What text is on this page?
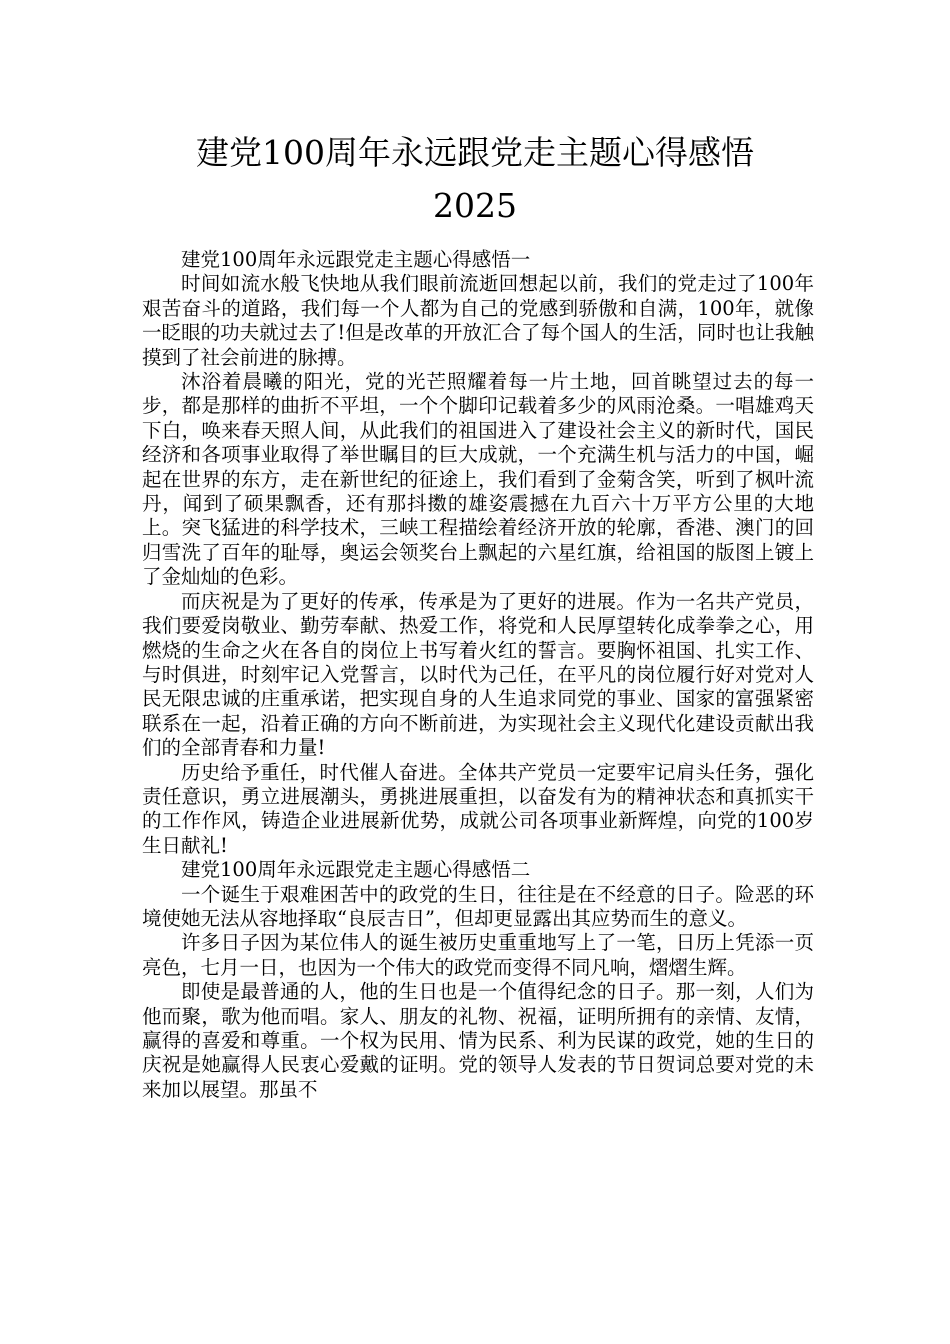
建党100周年永远跟党走主题心得感悟
2025

建党100周年永远跟党走主题心得感悟一

时间如流水般飞快地从我们眼前流逝回想起以前，我们的党走过了100年艰苦奋斗的道路，我们每一个人都为自己的党感到骄傲和自满，100年，就像一眨眼的功夫就过去了!但是改革的开放汇合了每个国人的生活，同时也让我触摸到了社会前进的脉搏。

沐浴着晨曦的阳光，党的光芒照耀着每一片土地，回首眺望过去的每一步，都是那样的曲折不平坦，一个个脚印记载着多少的风雨沧桑。一唱雄鸡天下白，唤来春天照人间，从此我们的祖国进入了建设社会主义的新时代，国民经济和各项事业取得了举世瞩目的巨大成就，一个充满生机与活力的中国，崛起在世界的东方，走在新世纪的征途上，我们看到了金菊含笑，听到了枫叶流丹，闻到了硕果飘香，还有那抖擞的雄姿震撼在九百六十万平方公里的大地上。突飞猛进的科学技术，三峡工程描绘着经济开放的轮廓，香港、澳门的回归雪洗了百年的耻辱，奥运会领奖台上飘起的六星红旗，给祖国的版图上镀上了金灿灿的色彩。

而庆祝是为了更好的传承，传承是为了更好的进展。作为一名共产党员，我们要爱岗敬业、勤劳奉献、热爱工作，将党和人民厚望转化成拳拳之心，用燃烧的生命之火在各自的岗位上书写着火红的誓言。要胸怀祖国、扎实工作、与时俱进，时刻牢记入党誓言，以时代为己任，在平凡的岗位履行好对党对人民无限忠诚的庄重承诺，把实现自身的人生追求同党的事业、国家的富强紧密联系在一起，沿着正确的方向不断前进，为实现社会主义现代化建设贡献出我们的全部青春和力量!

历史给予重任，时代催人奋进。全体共产党员一定要牢记肩头任务，强化责任意识，勇立进展潮头，勇挑进展重担，以奋发有为的精神状态和真抓实干的工作作风，铸造企业进展新优势，成就公司各项事业新辉煌，向党的100岁生日献礼!

建党100周年永远跟党走主题心得感悟二

一个诞生于艰难困苦中的政党的生日，往往是在不经意的日子。险恶的环境使她无法从容地择取“良辰吉日”，但却更显露出其应势而生的意义。

许多日子因为某位伟人的诞生被历史重重地写上了一笔，日历上凭添一页亮色，七月一日，也因为一个伟大的政党而变得不同凡响，熠熠生辉。

即使是最普通的人，他的生日也是一个值得纪念的日子。那一刻，人们为他而聚，歌为他而唱。家人、朋友的礼物、祝福，证明所拥有的亲情、友情，赢得的喜爱和尊重。一个权为民用、情为民系、利为民谋的政党，她的生日的庆祝是她赢得人民衷心爱戴的证明。党的领导人发表的节日贺词总要对党的未来加以展望。那虽不
